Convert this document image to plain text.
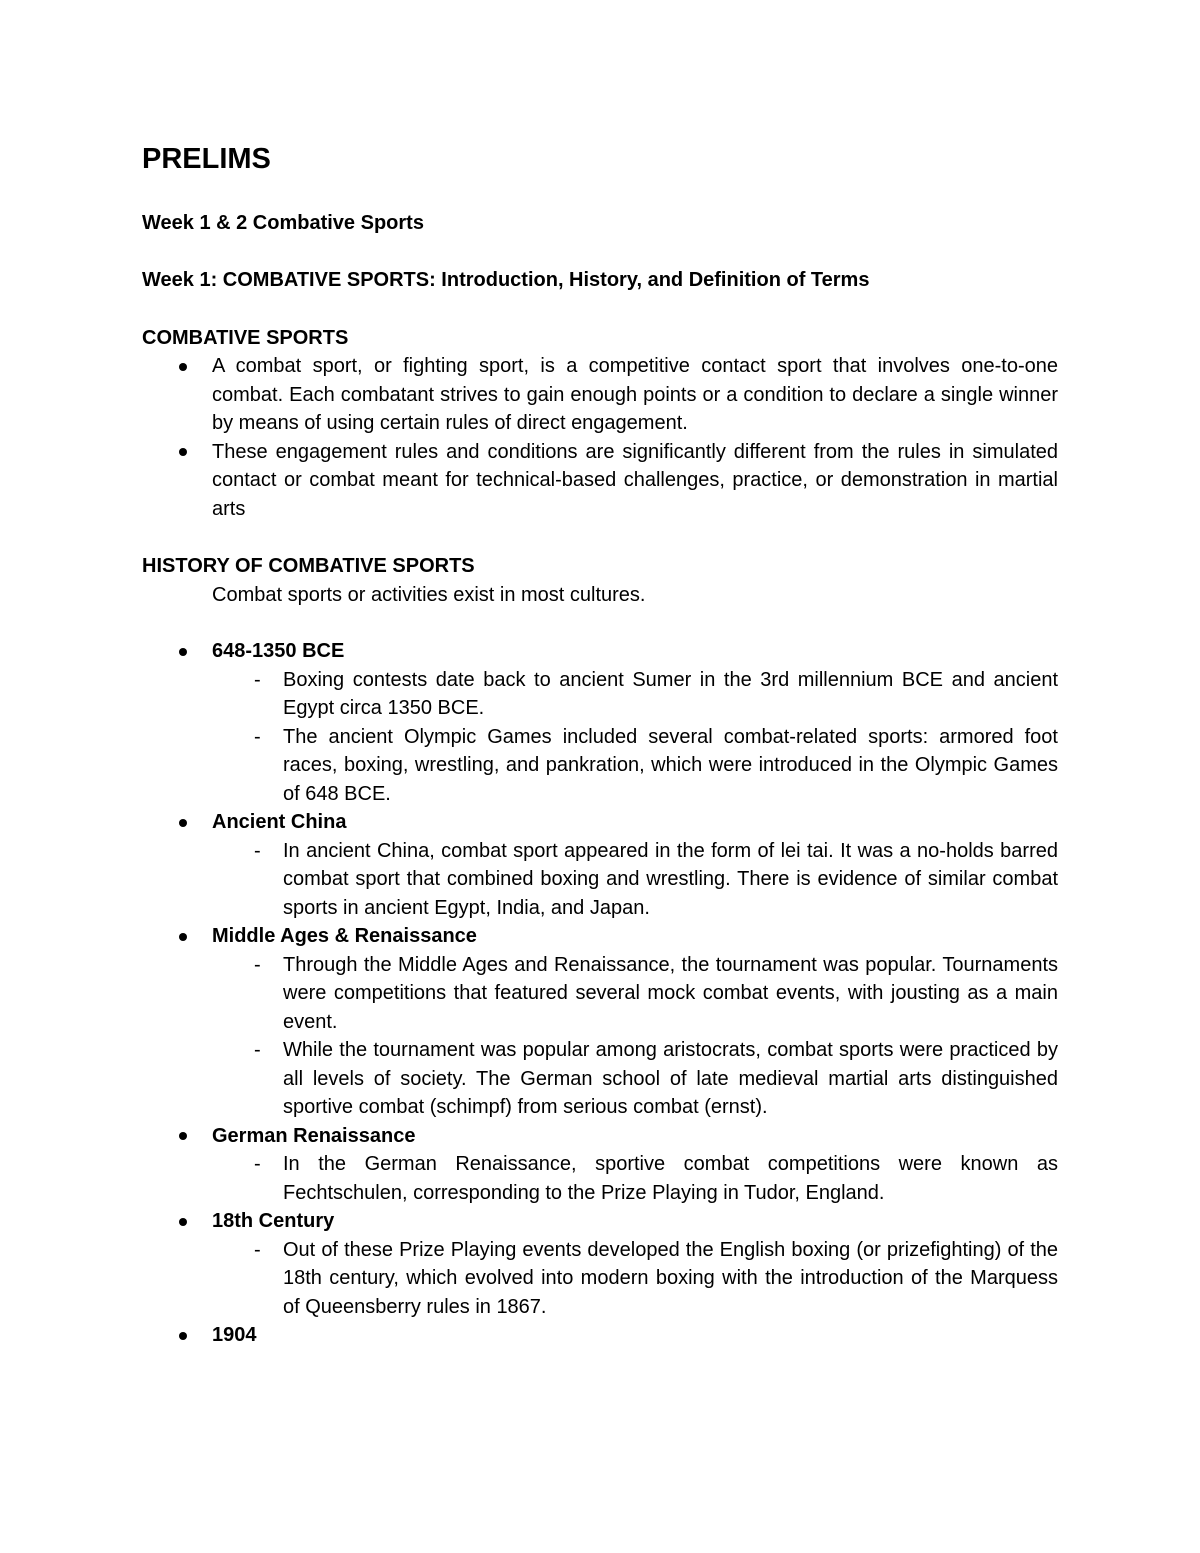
PRELIMS

Week 1 & 2 Combative Sports

Week 1: COMBATIVE SPORTS: Introduction, History, and Definition of Terms

COMBATIVE SPORTS

A combat sport, or fighting sport, is a competitive contact sport that involves one-to-one combat. Each combatant strives to gain enough points or a condition to declare a single winner by means of using certain rules of direct engagement.
These engagement rules and conditions are significantly different from the rules in simulated contact or combat meant for technical-based challenges, practice, or demonstration in martial arts

HISTORY OF COMBATIVE SPORTS

Combat sports or activities exist in most cultures.

648-1350 BCE
- Boxing contests date back to ancient Sumer in the 3rd millennium BCE and ancient Egypt circa 1350 BCE.
- The ancient Olympic Games included several combat-related sports: armored foot races, boxing, wrestling, and pankration, which were introduced in the Olympic Games of 648 BCE.
Ancient China
- In ancient China, combat sport appeared in the form of lei tai. It was a no-holds barred combat sport that combined boxing and wrestling. There is evidence of similar combat sports in ancient Egypt, India, and Japan.
Middle Ages & Renaissance
- Through the Middle Ages and Renaissance, the tournament was popular. Tournaments were competitions that featured several mock combat events, with jousting as a main event.
- While the tournament was popular among aristocrats, combat sports were practiced by all levels of society. The German school of late medieval martial arts distinguished sportive combat (schimpf) from serious combat (ernst).
German Renaissance
- In the German Renaissance, sportive combat competitions were known as Fechtschulen, corresponding to the Prize Playing in Tudor, England.
18th Century
- Out of these Prize Playing events developed the English boxing (or prizefighting) of the 18th century, which evolved into modern boxing with the introduction of the Marquess of Queensberry rules in 1867.
1904
